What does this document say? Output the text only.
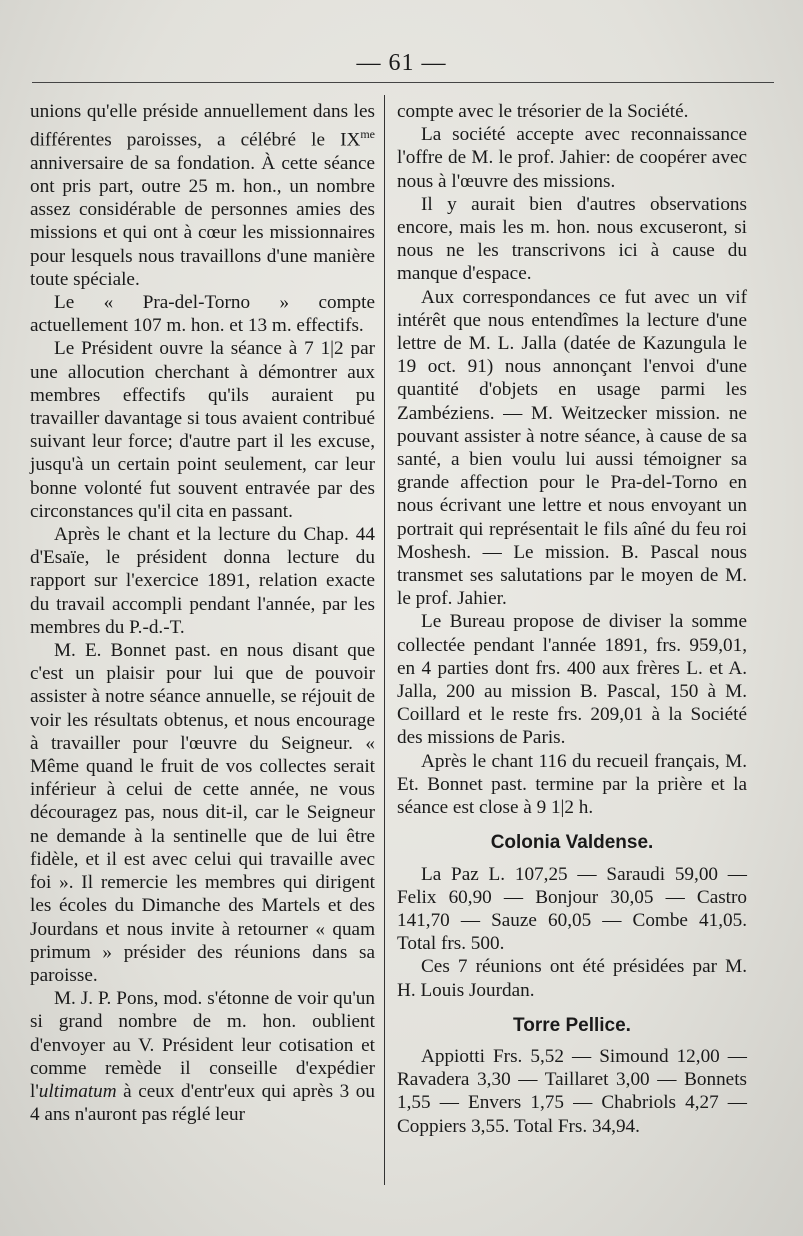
— 61 —

unions qu'elle préside annuellement dans les différentes paroisses, a célébré le $IX^{me}$ anniversaire de sa fondation. À cette séance ont pris part, outre 25 m. hon., un nombre assez considérable de personnes amies des missions et qui ont à cœur les missionnaires pour lesquels nous travaillons d'une manière toute spéciale.

Le « Pra-del-Torno » compte actuellement 107 m. hon. et 13 m. effectifs.

Le Président ouvre la séance à 7 1|2 par une allocution cherchant à démontrer aux membres effectifs qu'ils auraient pu travailler davantage si tous avaient contribué suivant leur force; d'autre part il les excuse, jusqu'à un certain point seulement, car leur bonne volonté fut souvent entravée par des circonstances qu'il cita en passant.

Après le chant et la lecture du Chap. 44 d'Esaïe, le président donna lecture du rapport sur l'exercice 1891, relation exacte du travail accompli pendant l'année, par les membres du P.-d.-T.

M. E. Bonnet past. en nous disant que c'est un plaisir pour lui que de pouvoir assister à notre séance annuelle, se réjouit de voir les résultats obtenus, et nous encourage à travailler pour l'œuvre du Seigneur. « Même quand le fruit de vos collectes serait inférieur à celui de cette année, ne vous découragez pas, nous dit-il, car le Seigneur ne demande à la sentinelle que de lui être fidèle, et il est avec celui qui travaille avec foi ». Il remercie les membres qui dirigent les écoles du Dimanche des Martels et des Jourdans et nous invite à retourner « quam primum » présider des réunions dans sa paroisse.

M. J. P. Pons, mod. s'étonne de voir qu'un si grand nombre de m. hon. oublient d'envoyer au V. Président leur cotisation et comme remède il conseille d'expédier l'ultimatum à ceux d'entr'eux qui après 3 ou 4 ans n'auront pas réglé leur

compte avec le trésorier de la Société.

La société accepte avec reconnaissance l'offre de M. le prof. Jahier: de coopérer avec nous à l'œuvre des missions.

Il y aurait bien d'autres observations encore, mais les m. hon. nous excuseront, si nous ne les transcrivons ici à cause du manque d'espace.

Aux correspondances ce fut avec un vif intérêt que nous entendîmes la lecture d'une lettre de M. L. Jalla (datée de Kazungula le 19 oct. 91) nous annonçant l'envoi d'une quantité d'objets en usage parmi les Zambéziens. — M. Weitzecker mission. ne pouvant assister à notre séance, à cause de sa santé, a bien voulu lui aussi témoigner sa grande affection pour le Pra-del-Torno en nous écrivant une lettre et nous envoyant un portrait qui représentait le fils aîné du feu roi Moshesh. — Le mission. B. Pascal nous transmet ses salutations par le moyen de M. le prof. Jahier.

Le Bureau propose de diviser la somme collectée pendant l'année 1891, frs. 959,01, en 4 parties dont frs. 400 aux frères L. et A. Jalla, 200 au mission B. Pascal, 150 à M. Coillard et le reste frs. 209,01 à la Société des missions de Paris.

Après le chant 116 du recueil français, M. Et. Bonnet past. termine par la prière et la séance est close à 9 1|2 h.

Colonia Valdense.

La Paz L. 107,25 — Saraudi 59,00 — Felix 60,90 — Bonjour 30,05 — Castro 141,70 — Sauze 60,05 — Combe 41,05. Total frs. 500.

Ces 7 réunions ont été présidées par M. H. Louis Jourdan.

Torre Pellice.

Appiotti Frs. 5,52 — Simound 12,00 — Ravadera 3,30 — Taillaret 3,00 — Bonnets 1,55 — Envers 1,75 — Chabriols 4,27 — Coppiers 3,55. Total Frs. 34,94.
